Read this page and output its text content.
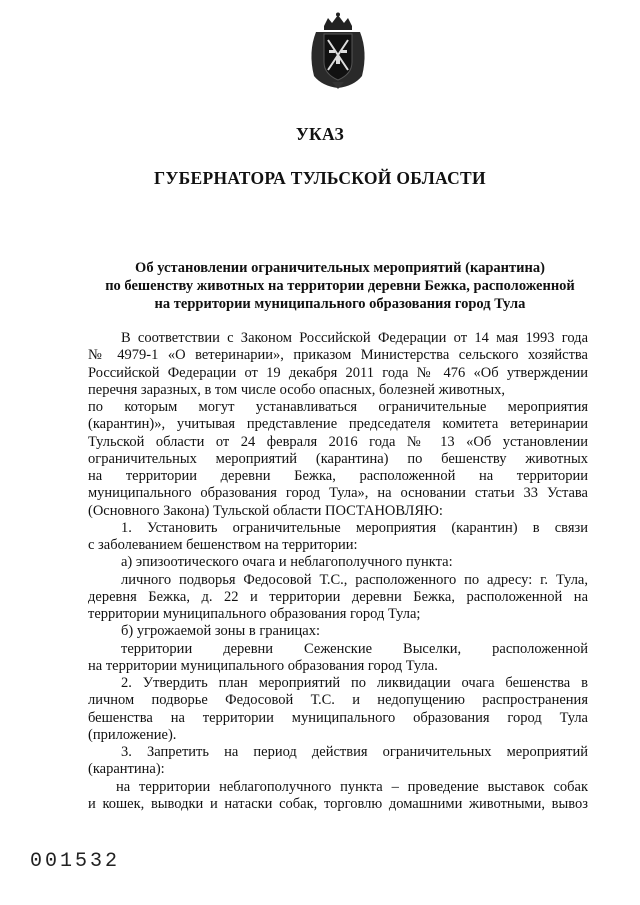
УКАЗ
ГУБЕРНАТОРА ТУЛЬСКОЙ ОБЛАСТИ
Об установлении ограничительных мероприятий (карантина)
по бешенству животных на территории деревни Бежка, расположенной
на территории муниципального образования город Тула
В соответствии с Законом Российской Федерации от 14 мая 1993 года
№ 4979-1 «О ветеринарии», приказом Министерства сельского хозяйства
Российской Федерации от 19 декабря 2011 года № 476 «Об утверждении
перечня заразных, в том числе особо опасных, болезней животных,
по которым могут устанавливаться ограничительные мероприятия
(карантин)», учитывая представление председателя комитета ветеринарии
Тульской области от 24 февраля 2016 года № 13 «Об установлении
ограничительных мероприятий (карантина) по бешенству животных
на территории деревни Бежка, расположенной на территории
муниципального образования город Тула», на основании статьи 33 Устава
(Основного Закона) Тульской области ПОСТАНОВЛЯЮ:
1. Установить ограничительные мероприятия (карантин) в связи
с заболеванием бешенством на территории:
а) эпизоотического очага и неблагополучного пункта:
личного подворья Федосовой Т.С., расположенного по адресу: г. Тула,
деревня Бежка, д. 22 и территории деревни Бежка, расположенной на
территории муниципального образования город Тула;
б) угрожаемой зоны в границах:
территории деревни Сеженские Выселки, расположенной
на территории муниципального образования город Тула.
2. Утвердить план мероприятий по ликвидации очага бешенства в
личном подворье Федосовой Т.С. и недопущению распространения
бешенства на территории муниципального образования город Тула
(приложение).
3. Запретить на период действия ограничительных мероприятий
(карантина):
на территории неблагополучного пункта – проведение выставок собак
и кошек, выводки и натаски собак, торговлю домашними животными, вывоз
001532
